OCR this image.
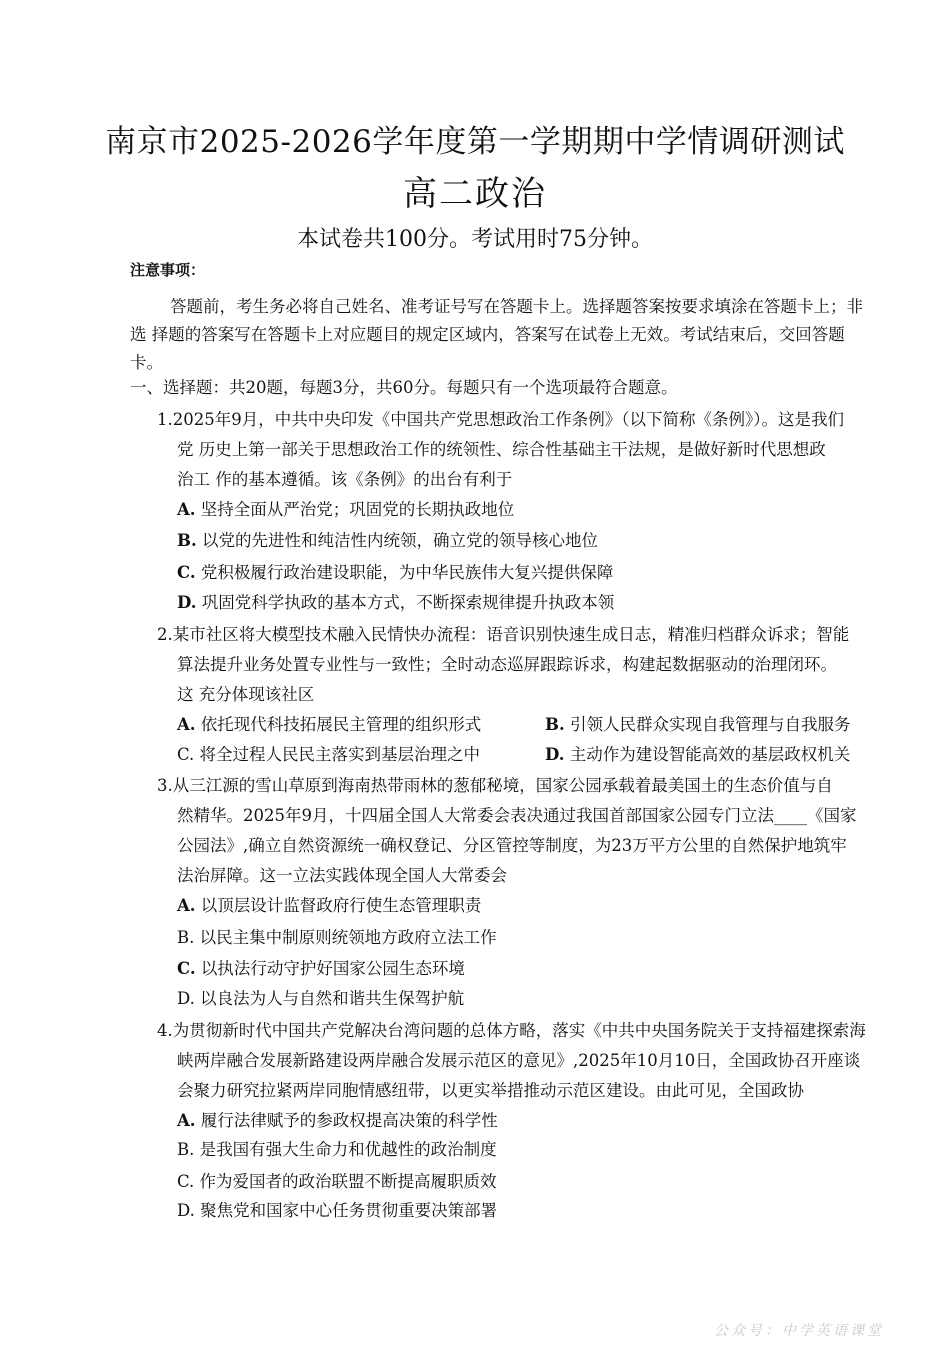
南京市2025-2026学年度第一学期期中学情调研测试
高二政治
本试卷共100分。考试用时75分钟。
注意事项：
答题前，考生务必将自己姓名、准考证号写在答题卡上。选择题答案按要求填涂在答题卡上；非
选 择题的答案写在答题卡上对应题目的规定区域内，答案写在试卷上无效。考试结束后，交回答题
卡。
一、选择题：共20题，每题3分，共60分。每题只有一个选项最符合题意。
1.2025年9月，中共中央印发《中国共产党思想政治工作条例》（以下简称《条例》）。这是我们
党 历史上第一部关于思想政治工作的统领性、综合性基础主干法规，是做好新时代思想政
治工 作的基本遵循。该《条例》的出台有利于
A. 坚持全面从严治党；巩固党的长期执政地位
B. 以党的先进性和纯洁性内统领，确立党的领导核心地位
C. 党积极履行政治建设职能，为中华民族伟大复兴提供保障
D. 巩固党科学执政的基本方式，不断探索规律提升执政本领
2.某市社区将大模型技术融入民情快办流程：语音识别快速生成日志，精准归档群众诉求；智能
算法提升业务处置专业性与一致性；全时动态巡屏跟踪诉求，构建起数据驱动的治理闭环。
这 充分体现该社区
A. 依托现代科技拓展民主管理的组织形式	B. 引领人民群众实现自我管理与自我服务
C. 将全过程人民民主落实到基层治理之中	D. 主动作为建设智能高效的基层政权机关
3.从三江源的雪山草原到海南热带雨林的葱郁秘境，国家公园承载着最美国土的生态价值与自
然精华。2025年9月，十四届全国人大常委会表决通过我国首部国家公园专门立法____《国家
公园法》,确立自然资源统一确权登记、分区管控等制度，为23万平方公里的自然保护地筑牢
法治屏障。这一立法实践体现全国人大常委会
A. 以顶层设计监督政府行使生态管理职责
B. 以民主集中制原则统领地方政府立法工作
C. 以执法行动守护好国家公园生态环境
D. 以良法为人与自然和谐共生保驾护航
4.为贯彻新时代中国共产党解决台湾问题的总体方略，落实《中共中央国务院关于支持福建探索海
峡两岸融合发展新路建设两岸融合发展示范区的意见》,2025年10月10日，全国政协召开座谈
会聚力研究拉紧两岸同胞情感纽带，以更实举措推动示范区建设。由此可见，全国政协
A. 履行法律赋予的参政权提高决策的科学性
B. 是我国有强大生命力和优越性的政治制度
C. 作为爱国者的政治联盟不断提高履职质效
D. 聚焦党和国家中心任务贯彻重要决策部署
公众号：中学英语课堂
